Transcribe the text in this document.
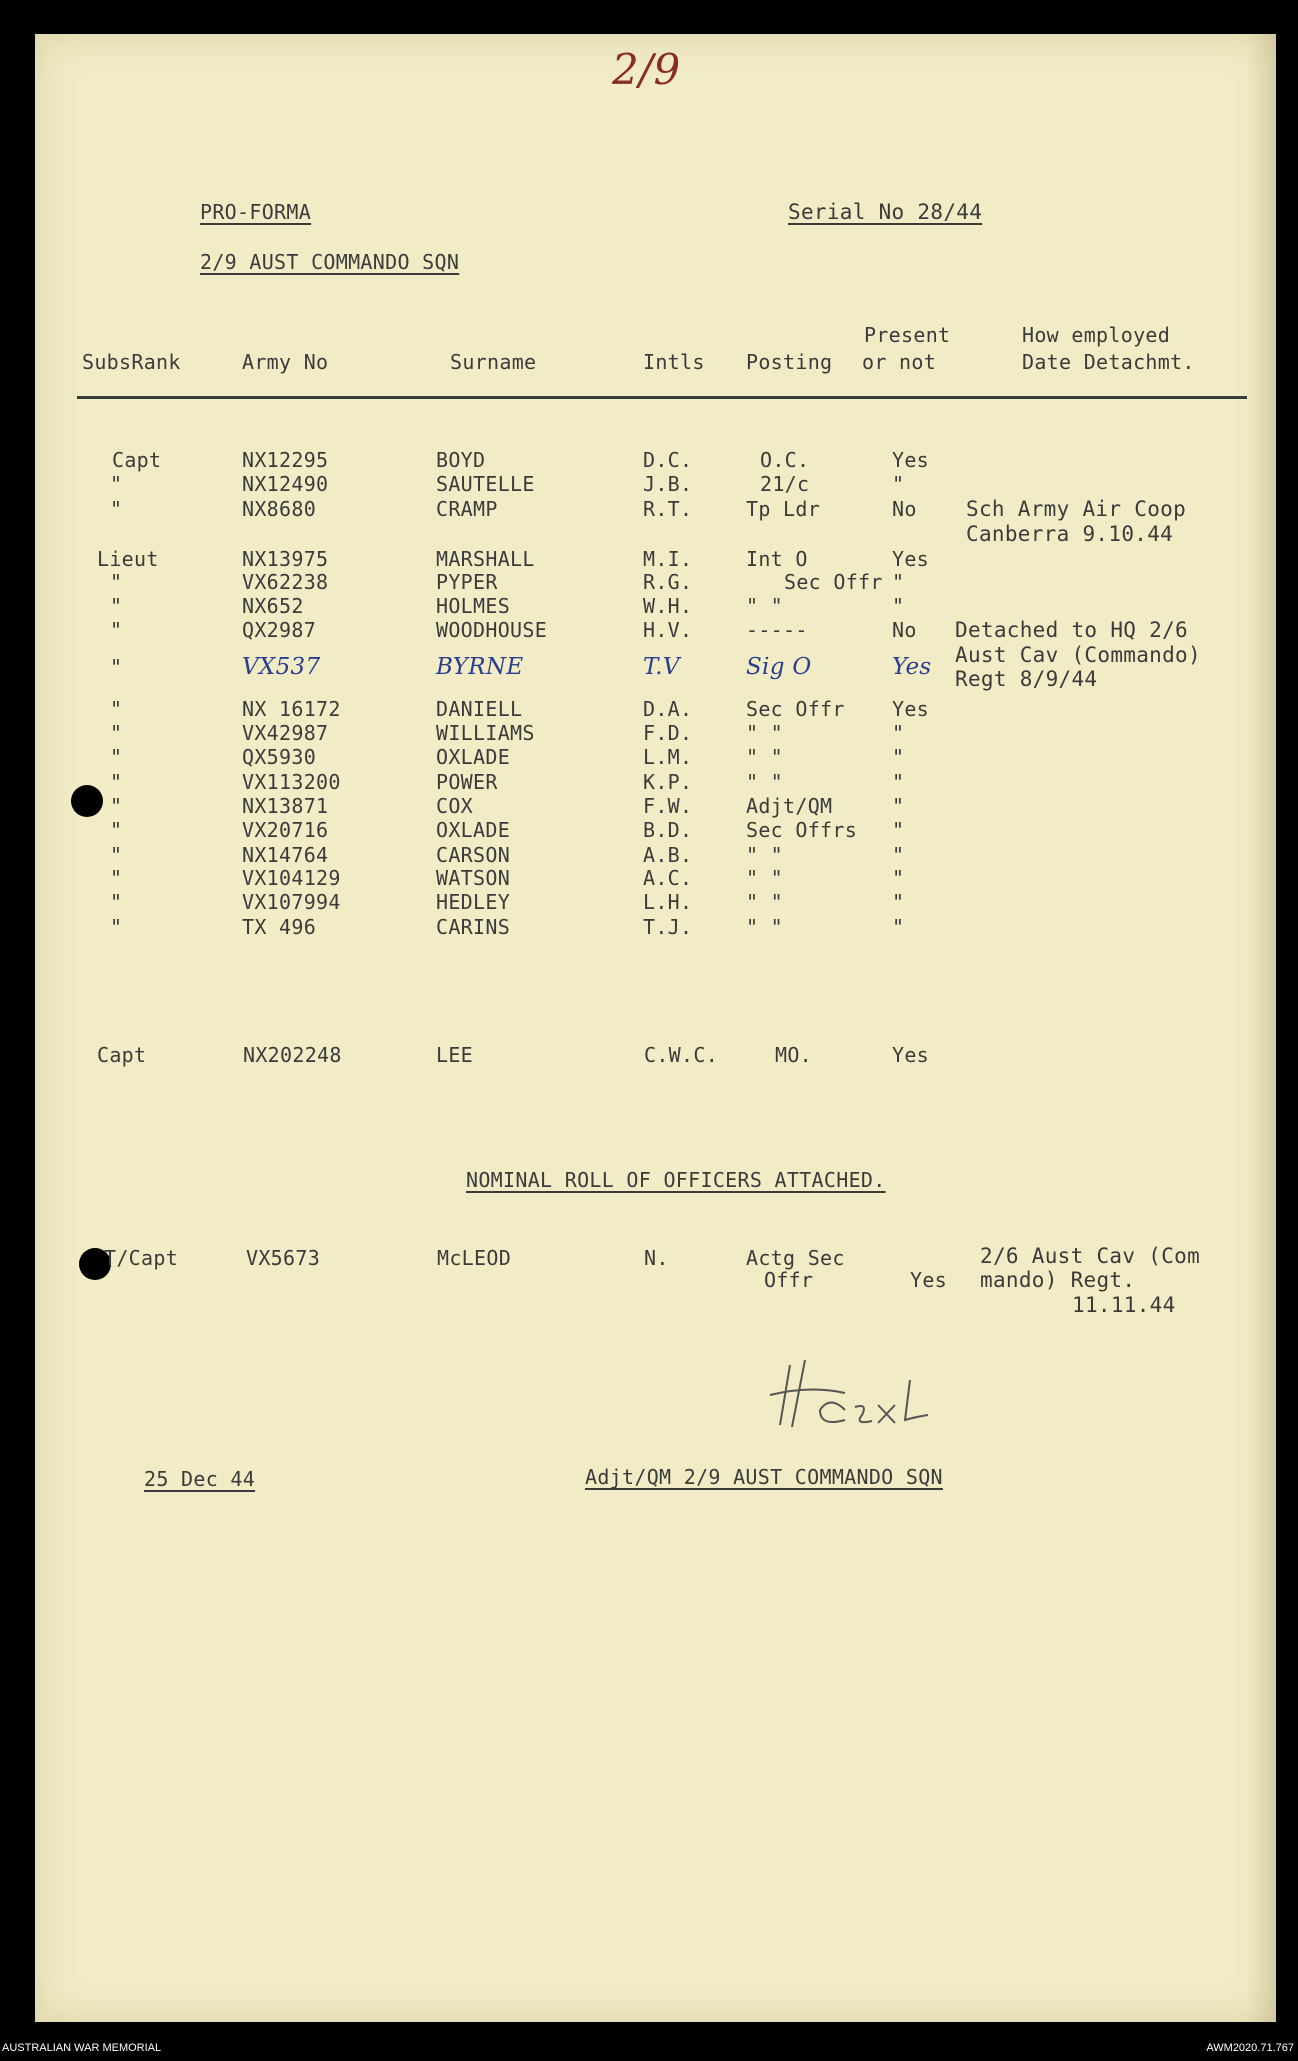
2/9
PRO-FORMA	Serial No 28/44
2/9 AUST COMMANDO SQN
SubsRank	Army No	Surname	Intls Posting
Present
or not
How employed
Date Detachmt.
Capt	NX12295	BOYD	D.C.	O.C.	Yes
"	NX12490	SAUTELLE	J.B.	21/c	"
"	NX8680	CRAMP	R.T.	Tp Ldr	No Sch Army Air Coop
Canberra 9.10.44
Lieut	NX13975	MARSHALL	M.I.	Int O	Yes
"	VX62238	PYPER	R.G.	Sec Offr "
"	NX652	HOLMES	W.H.	" "	"
"	QX2987	WOODHOUSE	H.V.	-----	No Detached to HQ 2/6
Aust Cav (Commando)
"	VX537	BYRNE	T.V	Sig O	Yes Regt 8/9/44
"	NX 16172	DANIELL	D.A.	Sec Offr Yes
"	VX42987	WILLIAMS	F.D.	" "	"
"	QX5930	OXLADE	L.M.	" "	"
"	VX113200	POWER	K.P.	" "	"
"	NX13871	COX	F.W.	Adjt/QM	"
"	VX20716	OXLADE	B.D.	Sec Offrs "
"	NX14764	CARSON	A.B.	" "	"
"	VX104129	WATSON	A.C.	" "	"
"	VX107994	HEDLEY	L.H.	" "	"
"	TX 496	CARINS	T.J.	" "	"
Capt	NX202248	LEE	C.W.C.	MO.	Yes
NOMINAL ROLL OF OFFICERS ATTACHED.
T/Capt	VX5673	McLEOD	N.	Actg Sec
Offr	Yes
2/6 Aust Cav (Com
mando) Regt.
11.11.44
25 Dec 44	Adjt/QM 2/9 AUST COMMANDO SQN
AUSTRALIAN WAR MEMORIAL	AWM2020.71.767
